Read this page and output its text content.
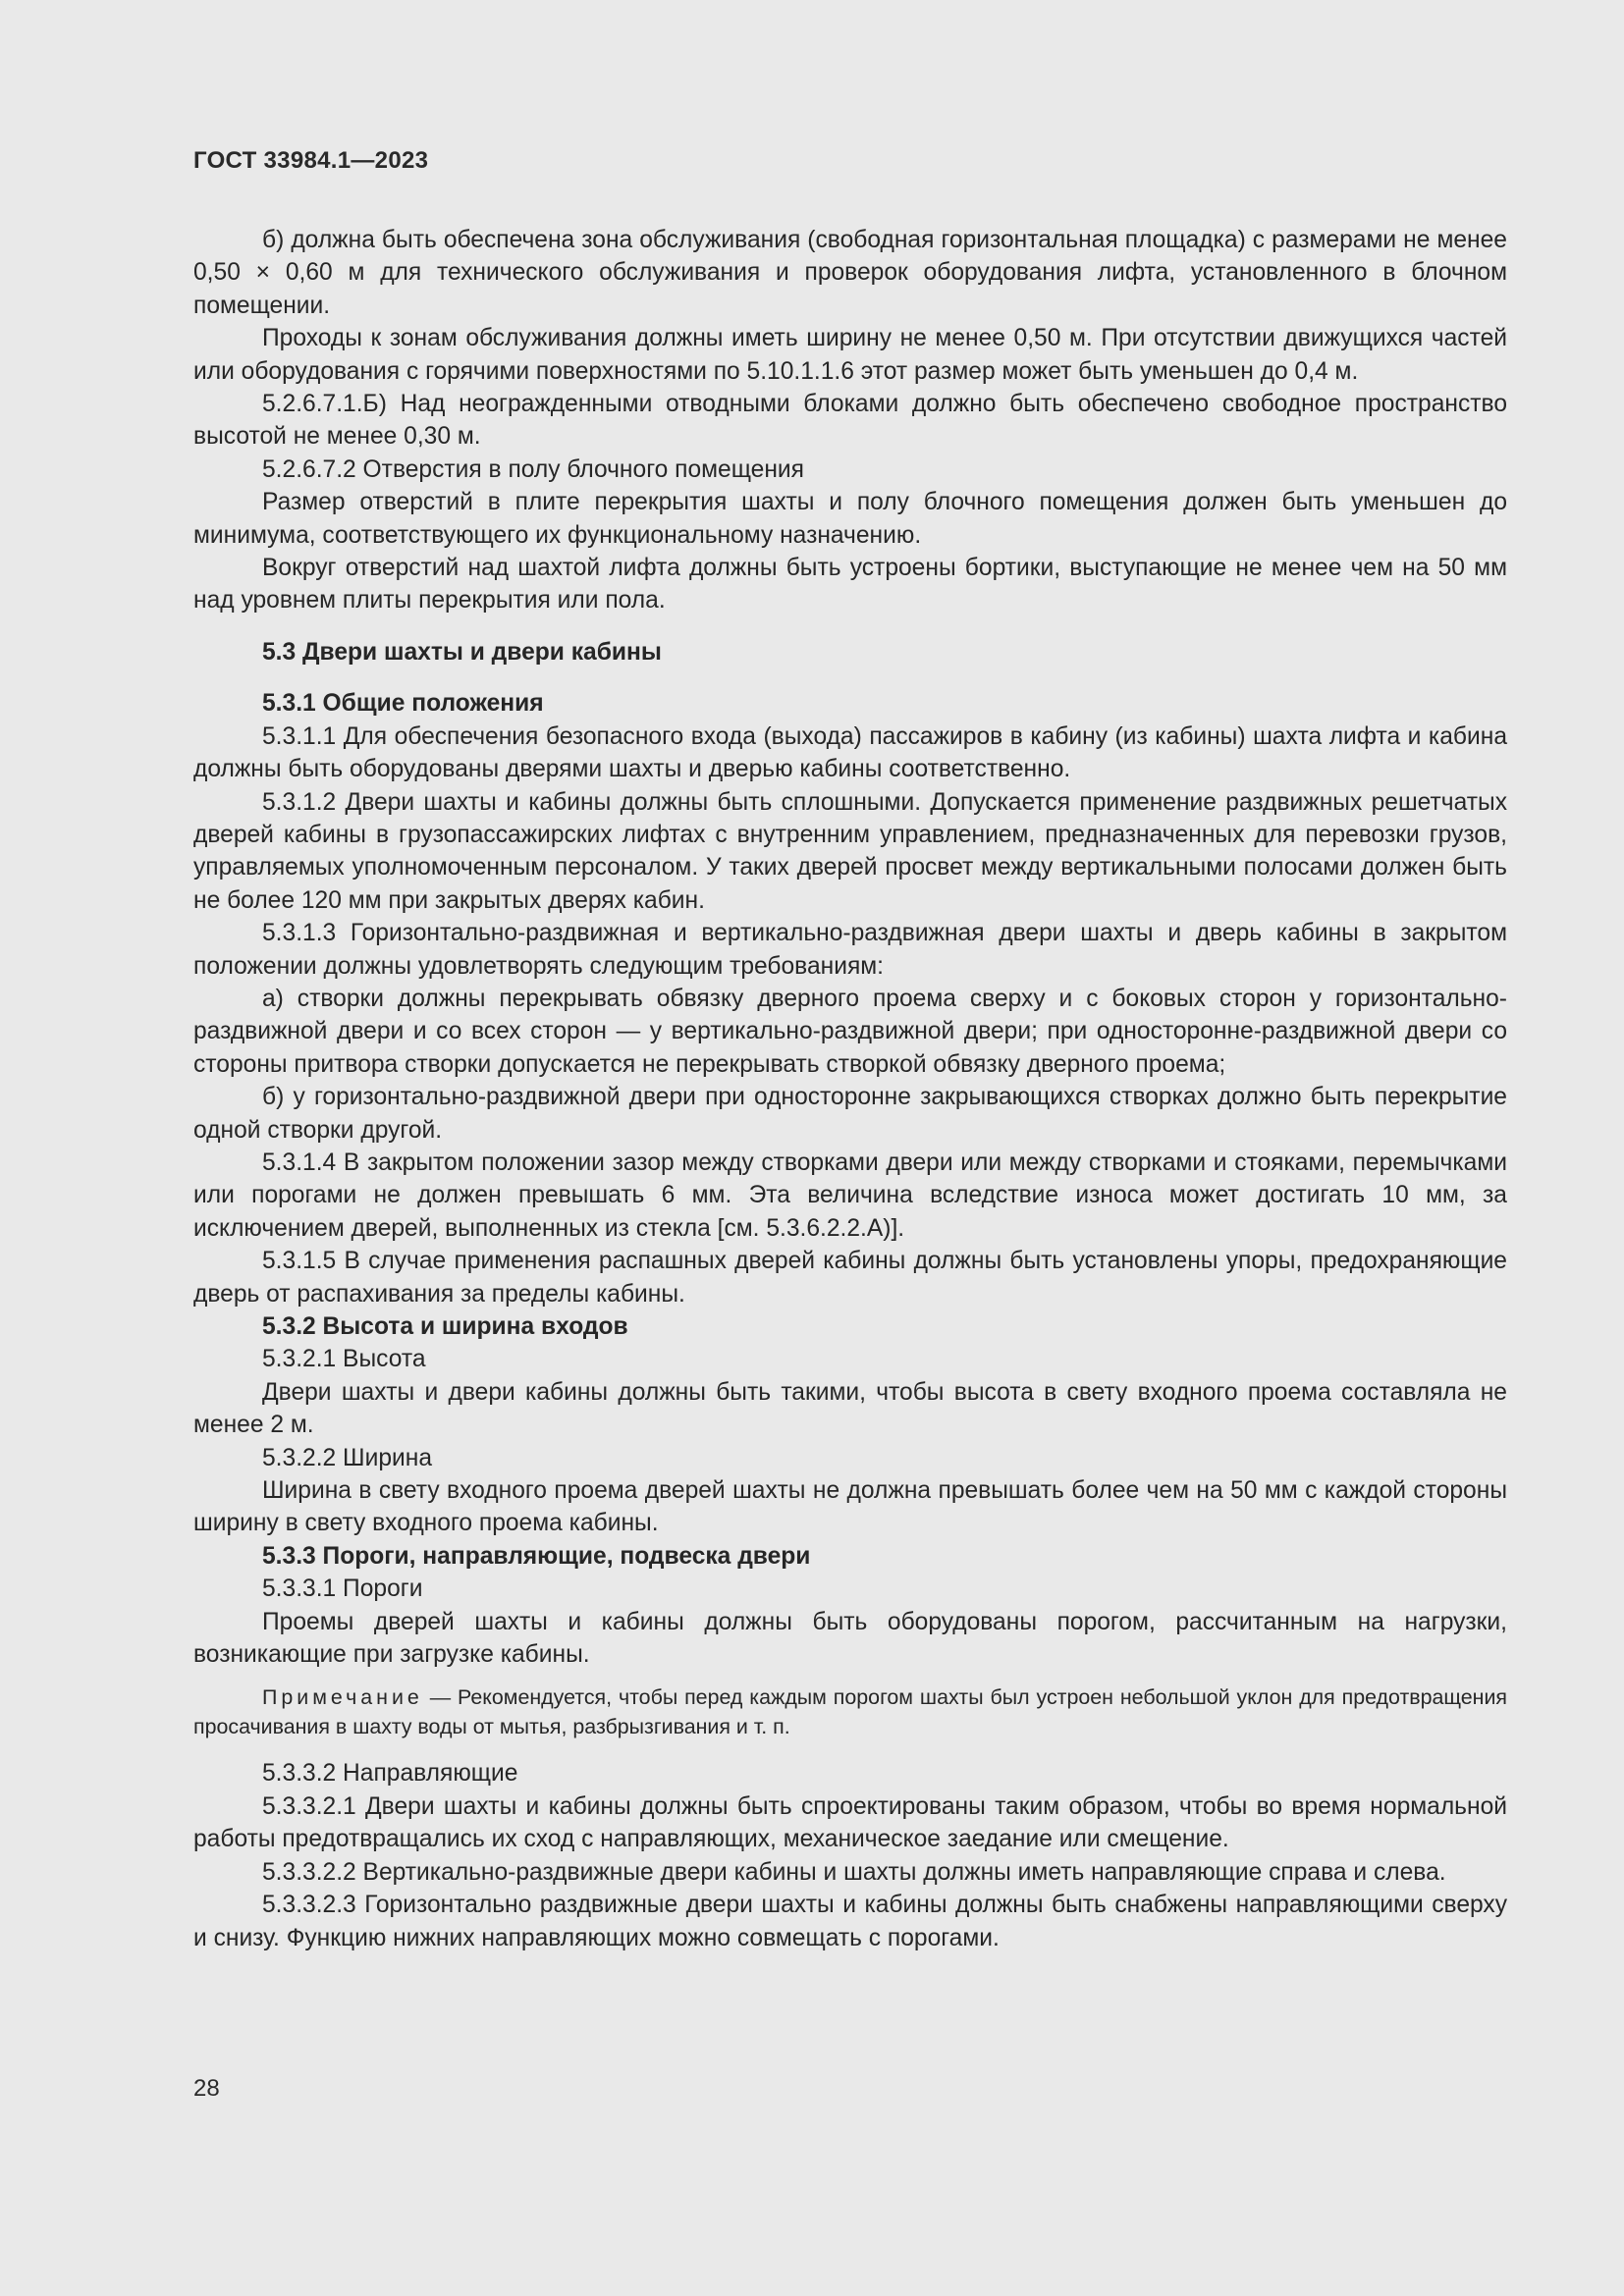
ГОСТ 33984.1—2023

б) должна быть обеспечена зона обслуживания (свободная горизонтальная площадка) с размерами не менее 0,50 × 0,60 м для технического обслуживания и проверок оборудования лифта, установленного в блочном помещении.

Проходы к зонам обслуживания должны иметь ширину не менее 0,50 м. При отсутствии движущихся частей или оборудования с горячими поверхностями по 5.10.1.1.6 этот размер может быть уменьшен до 0,4 м.

5.2.6.7.1.Б) Над неогражденными отводными блоками должно быть обеспечено свободное пространство высотой не менее 0,30 м.

5.2.6.7.2 Отверстия в полу блочного помещения

Размер отверстий в плите перекрытия шахты и полу блочного помещения должен быть уменьшен до минимума, соответствующего их функциональному назначению.

Вокруг отверстий над шахтой лифта должны быть устроены бортики, выступающие не менее чем на 50 мм над уровнем плиты перекрытия или пола.

5.3 Двери шахты и двери кабины

5.3.1 Общие положения

5.3.1.1 Для обеспечения безопасного входа (выхода) пассажиров в кабину (из кабины) шахта лифта и кабина должны быть оборудованы дверями шахты и дверью кабины соответственно.

5.3.1.2 Двери шахты и кабины должны быть сплошными. Допускается применение раздвижных решетчатых дверей кабины в грузопассажирских лифтах с внутренним управлением, предназначенных для перевозки грузов, управляемых уполномоченным персоналом. У таких дверей просвет между вертикальными полосами должен быть не более 120 мм при закрытых дверях кабин.

5.3.1.3 Горизонтально-раздвижная и вертикально-раздвижная двери шахты и дверь кабины в закрытом положении должны удовлетворять следующим требованиям:

а) створки должны перекрывать обвязку дверного проема сверху и с боковых сторон у горизонтально-раздвижной двери и со всех сторон — у вертикально-раздвижной двери; при односторонне-раздвижной двери со стороны притвора створки допускается не перекрывать створкой обвязку дверного проема;

б) у горизонтально-раздвижной двери при односторонне закрывающихся створках должно быть перекрытие одной створки другой.

5.3.1.4 В закрытом положении зазор между створками двери или между створками и стояками, перемычками или порогами не должен превышать 6 мм. Эта величина вследствие износа может достигать 10 мм, за исключением дверей, выполненных из стекла [см. 5.3.6.2.2.А)].

5.3.1.5 В случае применения распашных дверей кабины должны быть установлены упоры, предохраняющие дверь от распахивания за пределы кабины.

5.3.2 Высота и ширина входов

5.3.2.1 Высота

Двери шахты и двери кабины должны быть такими, чтобы высота в свету входного проема составляла не менее 2 м.

5.3.2.2 Ширина

Ширина в свету входного проема дверей шахты не должна превышать более чем на 50 мм с каждой стороны ширину в свету входного проема кабины.

5.3.3 Пороги, направляющие, подвеска двери

5.3.3.1 Пороги

Проемы дверей шахты и кабины должны быть оборудованы порогом, рассчитанным на нагрузки, возникающие при загрузке кабины.

Примечание — Рекомендуется, чтобы перед каждым порогом шахты был устроен небольшой уклон для предотвращения просачивания в шахту воды от мытья, разбрызгивания и т. п.

5.3.3.2 Направляющие

5.3.3.2.1 Двери шахты и кабины должны быть спроектированы таким образом, чтобы во время нормальной работы предотвращались их сход с направляющих, механическое заедание или смещение.

5.3.3.2.2 Вертикально-раздвижные двери кабины и шахты должны иметь направляющие справа и слева.

5.3.3.2.3 Горизонтально раздвижные двери шахты и кабины должны быть снабжены направляющими сверху и снизу. Функцию нижних направляющих можно совмещать с порогами.

28
